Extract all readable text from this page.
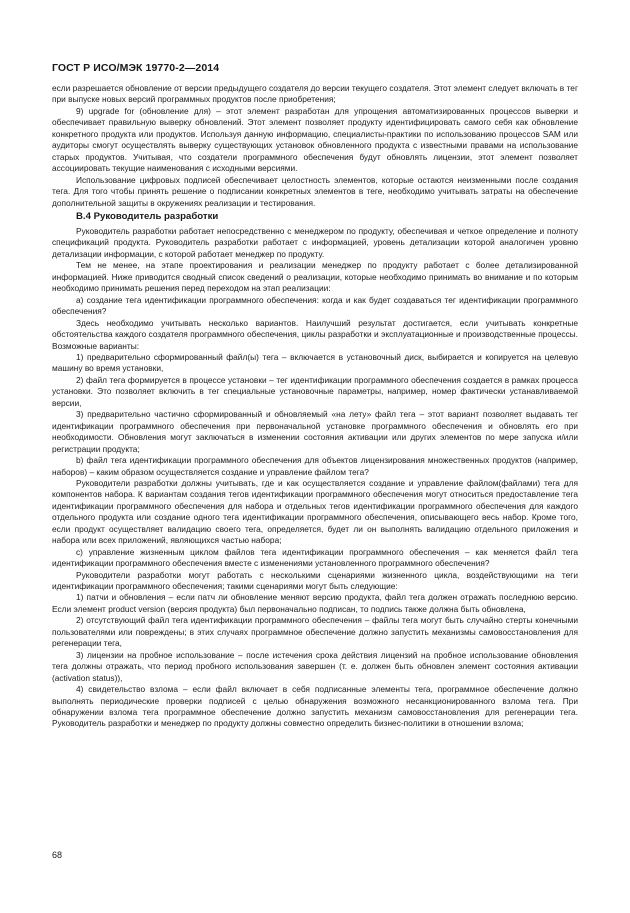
ГОСТ Р ИСО/МЭК 19770-2—2014

если разрешается обновление от версии предыдущего создателя до версии текущего создателя. Этот элемент следует включать в тег при выпуске новых версий программных продуктов после приобретения;

9) upgrade for (обновление для) – этот элемент разработан для упрощения автоматизированных процессов выверки и обеспечивает правильную выверку обновлений. Этот элемент позволяет продукту идентифицировать самого себя как обновление конкретного продукта или продуктов. Используя данную информацию, специалисты-практики по использованию процессов SAM или аудиторы смогут осуществлять выверку существующих установок обновленного продукта с известными правами на использование старых продуктов. Учитывая, что создатели программного обеспечения будут обновлять лицензии, этот элемент позволяет ассоциировать текущие наименования с исходными версиями.

Использование цифровых подписей обеспечивает целостность элементов, которые остаются неизменными после создания тега. Для того чтобы принять решение о подписании конкретных элементов в теге, необходимо учитывать затраты на обеспечение дополнительной защиты в окружениях реализации и тестирования.

B.4 Руководитель разработки

Руководитель разработки работает непосредственно с менеджером по продукту, обеспечивая и четкое определение и полноту спецификаций продукта. Руководитель разработки работает с информацией, уровень детализации которой аналогичен уровню детализации информации, с которой работает менеджер по продукту.

Тем не менее, на этапе проектирования и реализации менеджер по продукту работает с более детализированной информацией. Ниже приводится сводный список сведений о реализации, которые необходимо принимать во внимание и по которым необходимо принимать решения перед переходом на этап реализации:

а) создание тега идентификации программного обеспечения: когда и как будет создаваться тег идентификации программного обеспечения?

Здесь необходимо учитывать несколько вариантов. Наилучший результат достигается, если учитывать конкретные обстоятельства каждого создателя программного обеспечения, циклы разработки и эксплуатационные и производственные процессы. Возможные варианты:

1) предварительно сформированный файл(ы) тега – включается в установочный диск, выбирается и копируется на целевую машину во время установки,

2) файл тега формируется в процессе установки – тег идентификации программного обеспечения создается в рамках процесса установки. Это позволяет включить в тег специальные установочные параметры, например, номер фактически устанавливаемой версии,

3) предварительно частично сформированный и обновляемый «на лету» файл тега – этот вариант позволяет выдавать тег идентификации программного обеспечения при первоначальной установке программного обеспечения и обновлять его при необходимости. Обновления могут заключаться в изменении состояния активации или других элементов по мере запуска и/или регистрации продукта;

b) файл тега идентификации программного обеспечения для объектов лицензирования множественных продуктов (например, наборов) – каким образом осуществляется создание и управление файлом тега?

Руководители разработки должны учитывать, где и как осуществляется создание и управление файлом(файлами) тега для компонентов набора. К вариантам создания тегов идентификации программного обеспечения могут относиться предоставление тега идентификации программного обеспечения для набора и отдельных тегов идентификации программного обеспечения для каждого отдельного продукта или создание одного тега идентификации программного обеспечения, описывающего весь набор. Кроме того, если продукт осуществляет валидацию своего тега, определяется, будет ли он выполнять валидацию отдельного приложения и набора или всех приложений, являющихся частью набора;

c) управление жизненным циклом файлов тега идентификации программного обеспечения – как меняется файл тега идентификации программного обеспечения вместе с изменениями установленного программного обеспечения?

Руководители разработки могут работать с несколькими сценариями жизненного цикла, воздействующими на теги идентификации программного обеспечения; такими сценариями могут быть следующие:

1) патчи и обновления – если патч ли обновление меняют версию продукта, файл тега должен отражать последнюю версию. Если элемент product version (версия продукта) был первоначально подписан, то подпись также должна быть обновлена,

2) отсутствующий файл тега идентификации программного обеспечения – файлы тега могут быть случайно стерты конечными пользователями или повреждены; в этих случаях программное обеспечение должно запустить механизмы самовосстановления для регенерации тега,

3) лицензии на пробное использование – после истечения срока действия лицензий на пробное использование обновления тега должны отражать, что период пробного использования завершен (т. е. должен быть обновлен элемент состояния активации (activation status)),

4) свидетельство взлома – если файл включает в себя подписанные элементы тега, программное обеспечение должно выполнять периодические проверки подписей с целью обнаружения возможного несанкционированного взлома тега. При обнаружении взлома тега программное обеспечение должно запустить механизм самовосстановления для регенерации тега. Руководитель разработки и менеджер по продукту должны совместно определить бизнес-политики в отношении взлома;

68
